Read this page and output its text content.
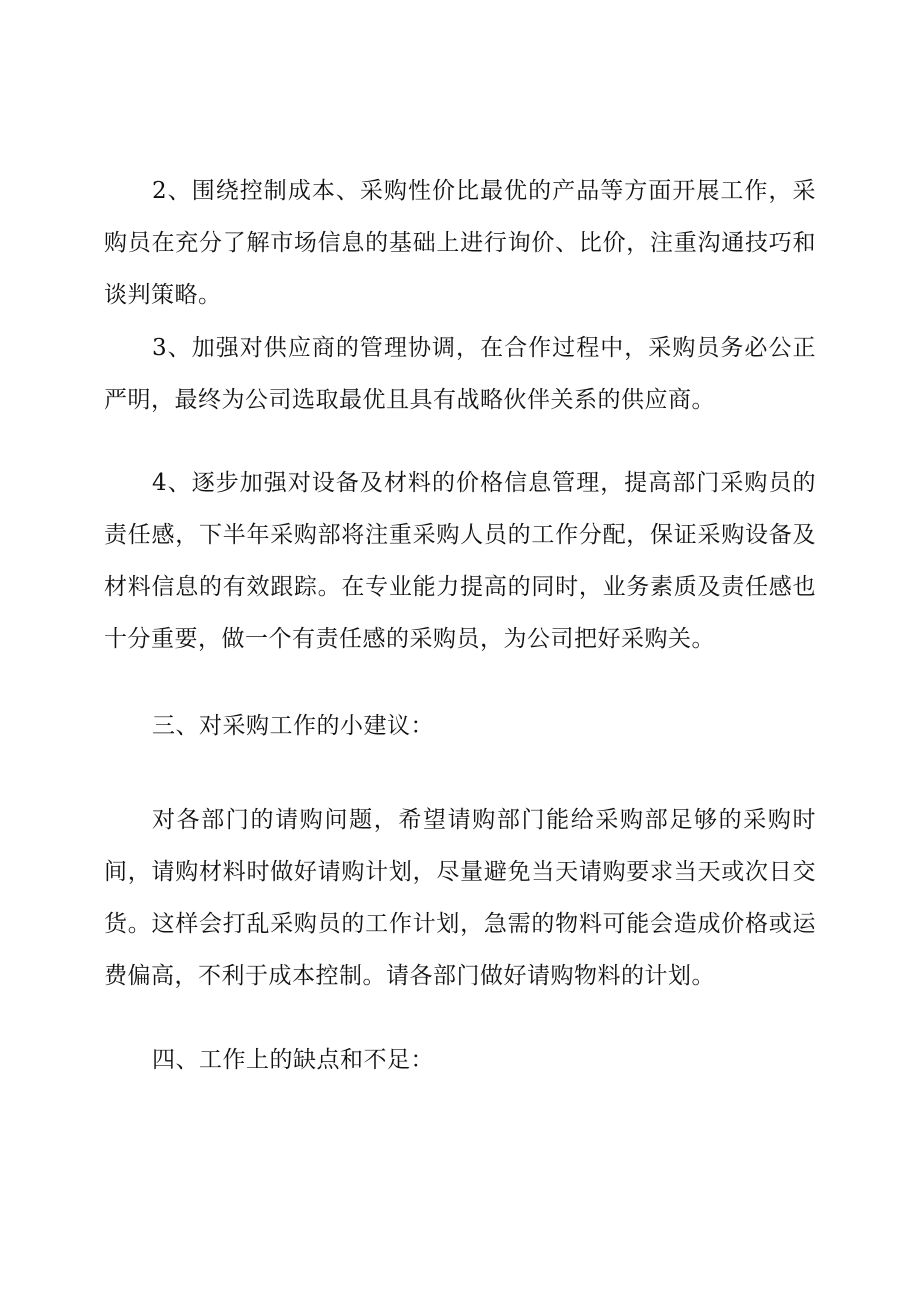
2、围绕控制成本、采购性价比最优的产品等方面开展工作，采购员在充分了解市场信息的基础上进行询价、比价，注重沟通技巧和谈判策略。

3、加强对供应商的管理协调，在合作过程中，采购员务必公正严明，最终为公司选取最优且具有战略伙伴关系的供应商。

4、逐步加强对设备及材料的价格信息管理，提高部门采购员的责任感，下半年采购部将注重采购人员的工作分配，保证采购设备及材料信息的有效跟踪。在专业能力提高的同时，业务素质及责任感也十分重要，做一个有责任感的采购员，为公司把好采购关。

三、对采购工作的小建议：

对各部门的请购问题，希望请购部门能给采购部足够的采购时间，请购材料时做好请购计划，尽量避免当天请购要求当天或次日交货。这样会打乱采购员的工作计划，急需的物料可能会造成价格或运费偏高，不利于成本控制。请各部门做好请购物料的计划。

四、工作上的缺点和不足：
